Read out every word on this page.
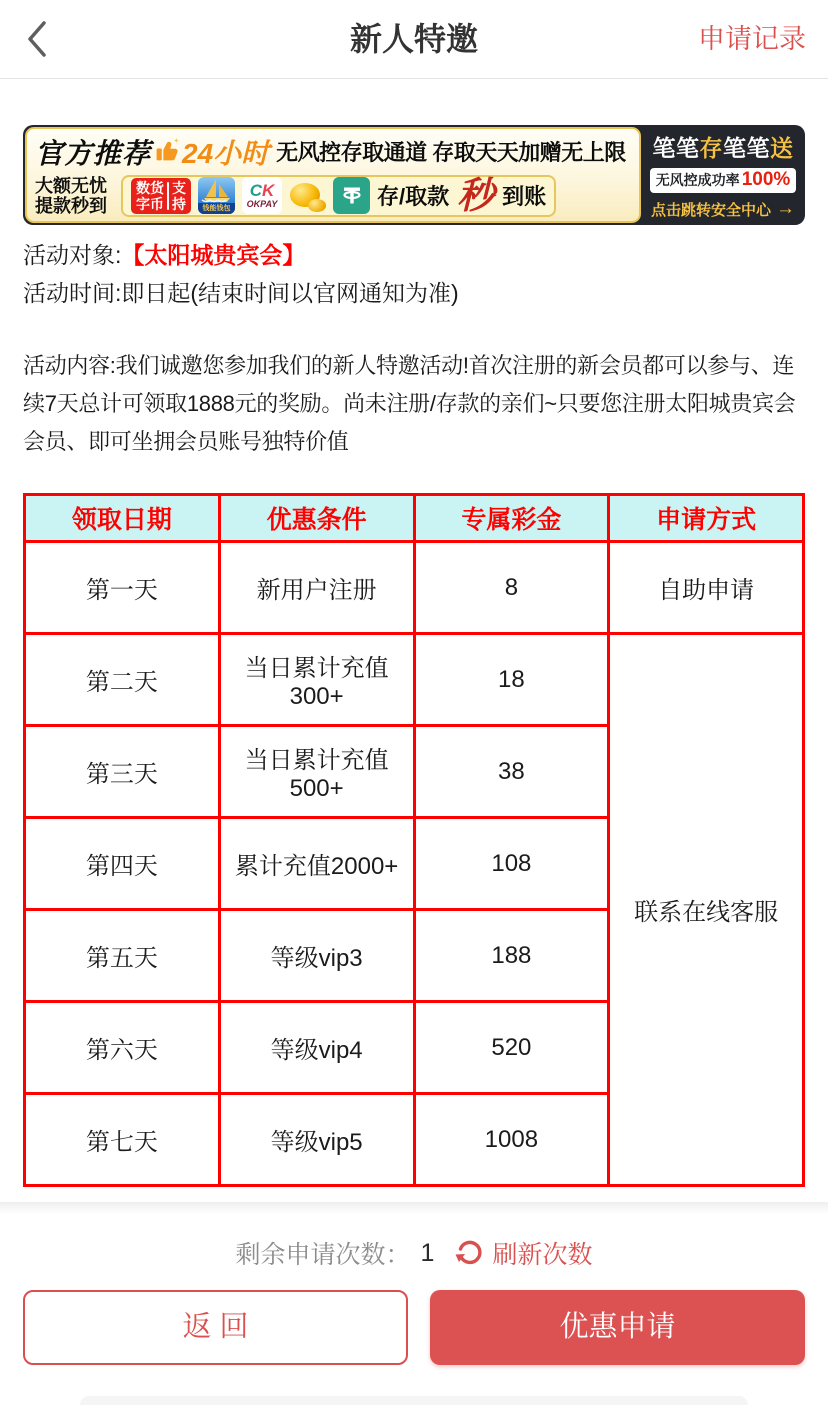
新人特邀	申请记录
官方推荐 24小时 无风控存取通道 存取天天加赠无上限
大额无忧
提款秒到
数
字
货
币
支
持	钱能钱包
CK
OKPAY	存/取款 秒 到账
笔笔存笔笔送
无风控成功率 100%
点击跳转安全中心 →
活动对象:【太阳城贵宾会】
活动时间:即日起(结束时间以官网通知为准)
活动内容:我们诚邀您参加我们的新人特邀活动!首次注册的新会员都可以参与、连续7天总计可领取1888元的奖励。尚未注册/存款的亲们~只要您注册太阳城贵宾会会员、即可坐拥会员账号独特价值
领取日期	优惠条件	专属彩金	申请方式
第一天	新用户注册	8	自助申请
第二天	当日累计充值300+	18	联系在线客服
第三天	当日累计充值500+	38	
第四天	累计充值2000+	108	
第五天	等级vip3	188	
第六天	等级vip4	520	
第七天	等级vip5	1008	
剩余申请次数： 1 刷新次数
返 回	优惠申请
